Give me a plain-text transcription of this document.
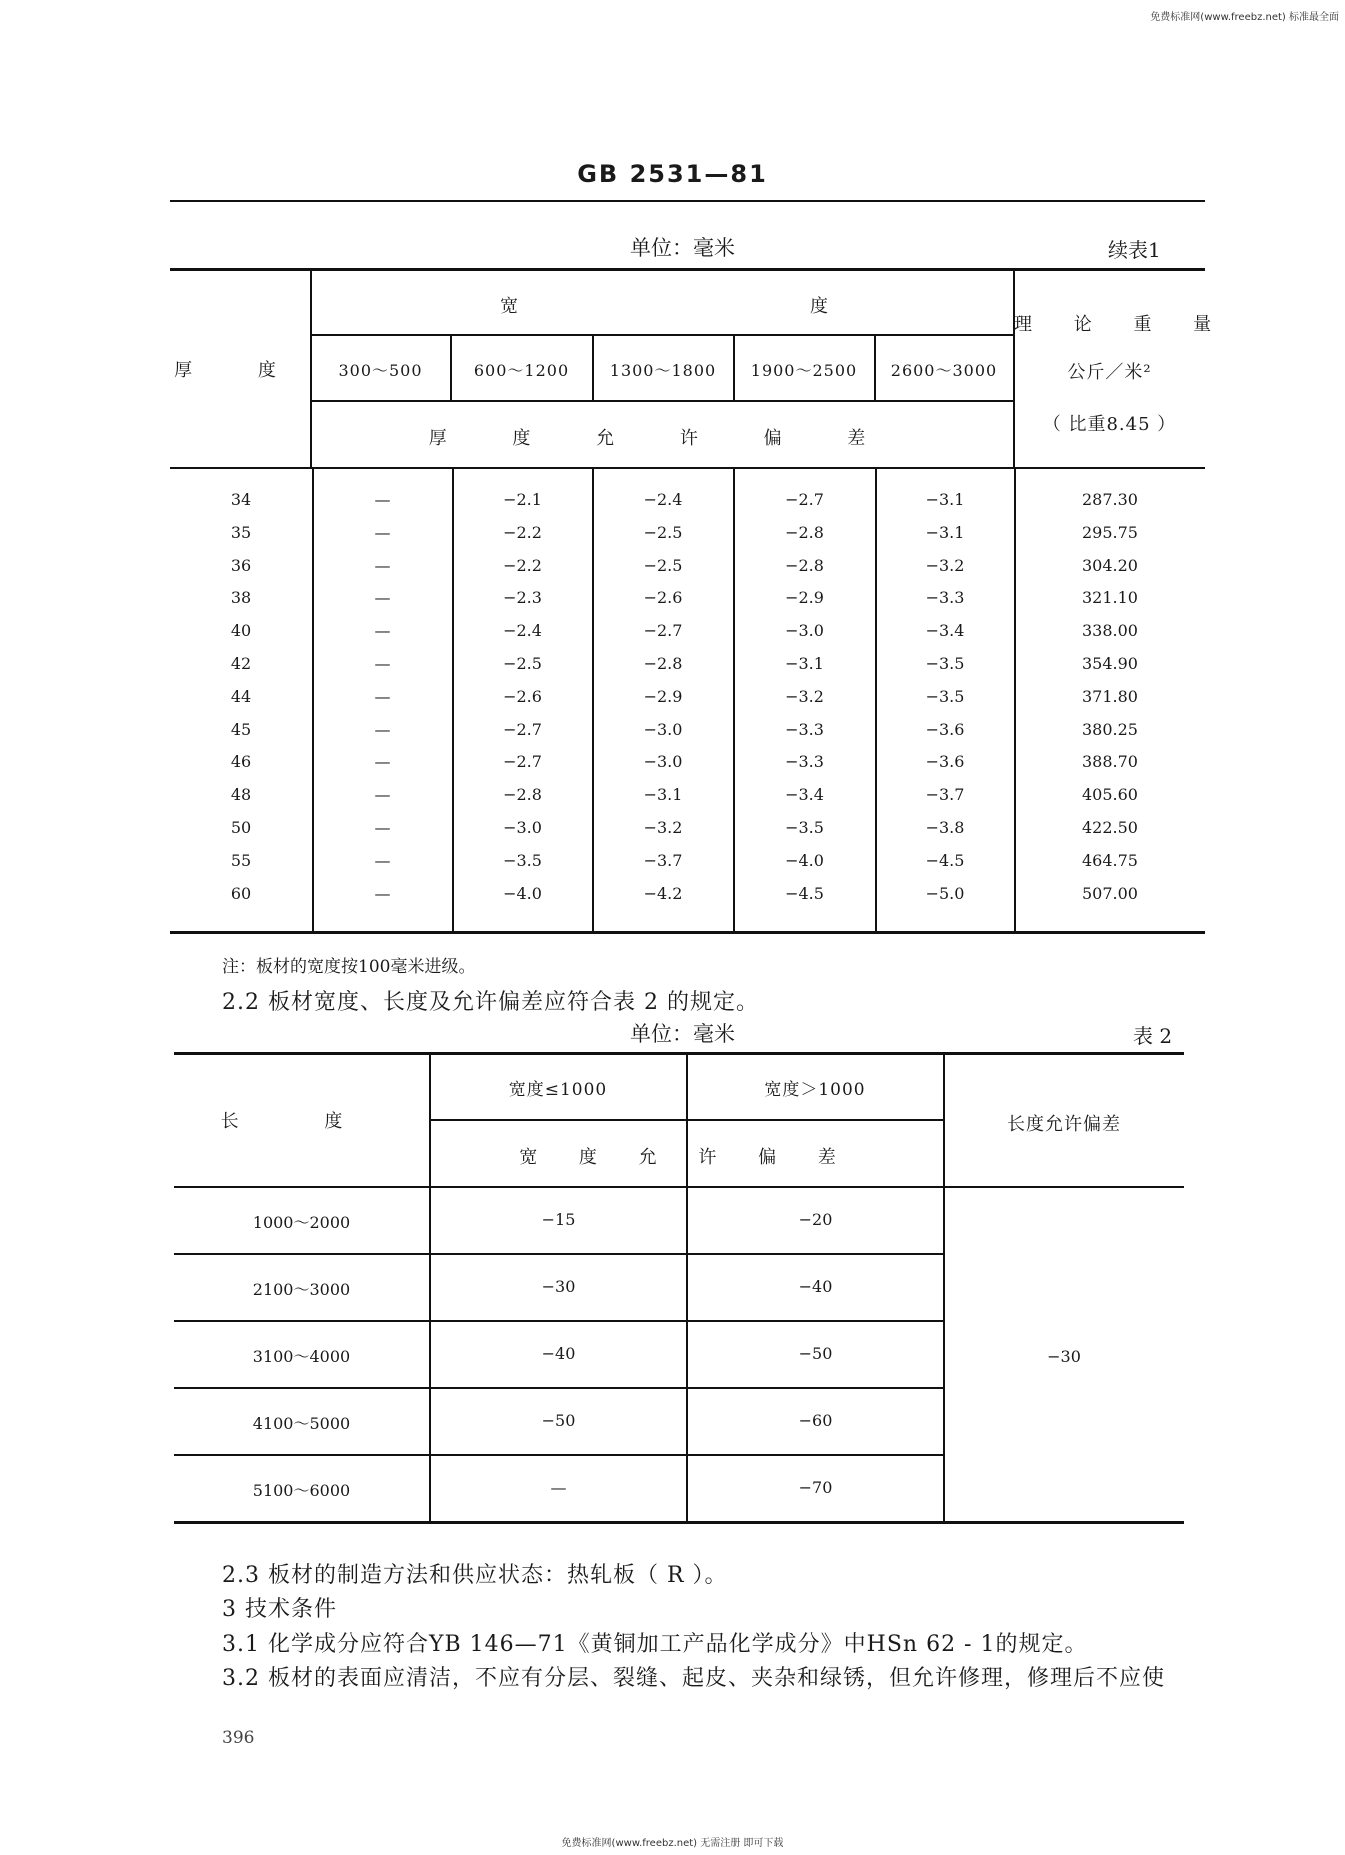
免费标准网(www.freebz.net) 标准最全面
GB 2531—81
单位：毫米	续表1
厚 度
宽	度
300～500	600～1200	1300～1800	1900～2500	2600～3000
厚 度 允 许 偏 差
理 论 重 量
公斤／米²
（ 比重8.45 ）
34	—	−2.1	−2.4	−2.7	−3.1	287.30
35	—	−2.2	−2.5	−2.8	−3.1	295.75
36	—	−2.2	−2.5	−2.8	−3.2	304.20
38	—	−2.3	−2.6	−2.9	−3.3	321.10
40	—	−2.4	−2.7	−3.0	−3.4	338.00
42	—	−2.5	−2.8	−3.1	−3.5	354.90
44	—	−2.6	−2.9	−3.2	−3.5	371.80
45	—	−2.7	−3.0	−3.3	−3.6	380.25
46	—	−2.7	−3.0	−3.3	−3.6	388.70
48	—	−2.8	−3.1	−3.4	−3.7	405.60
50	—	−3.0	−3.2	−3.5	−3.8	422.50
55	—	−3.5	−3.7	−4.0	−4.5	464.75
60	—	−4.0	−4.2	−4.5	−5.0	507.00
注：板材的宽度按100毫米进级。
2.2 板材宽度、长度及允许偏差应符合表 2 的规定。
单位：毫米	表 2
长 度
宽度≤1000	宽度＞1000
宽 度 允 许 偏 差
长度允许偏差
−30
1000～2000	−15	−20
2100～3000	−30	−40
3100～4000	−40	−50
4100～5000	−50	−60
5100～6000	—	−70
2.3 板材的制造方法和供应状态：热轧板（ R ）。
3 技术条件
3.1 化学成分应符合YB 146—71《黄铜加工产品化学成分》中HSn 62 - 1的规定。
3.2 板材的表面应清洁，不应有分层、裂缝、起皮、夹杂和绿锈，但允许修理，修理后不应使
396
免费标准网(www.freebz.net) 无需注册 即可下载
